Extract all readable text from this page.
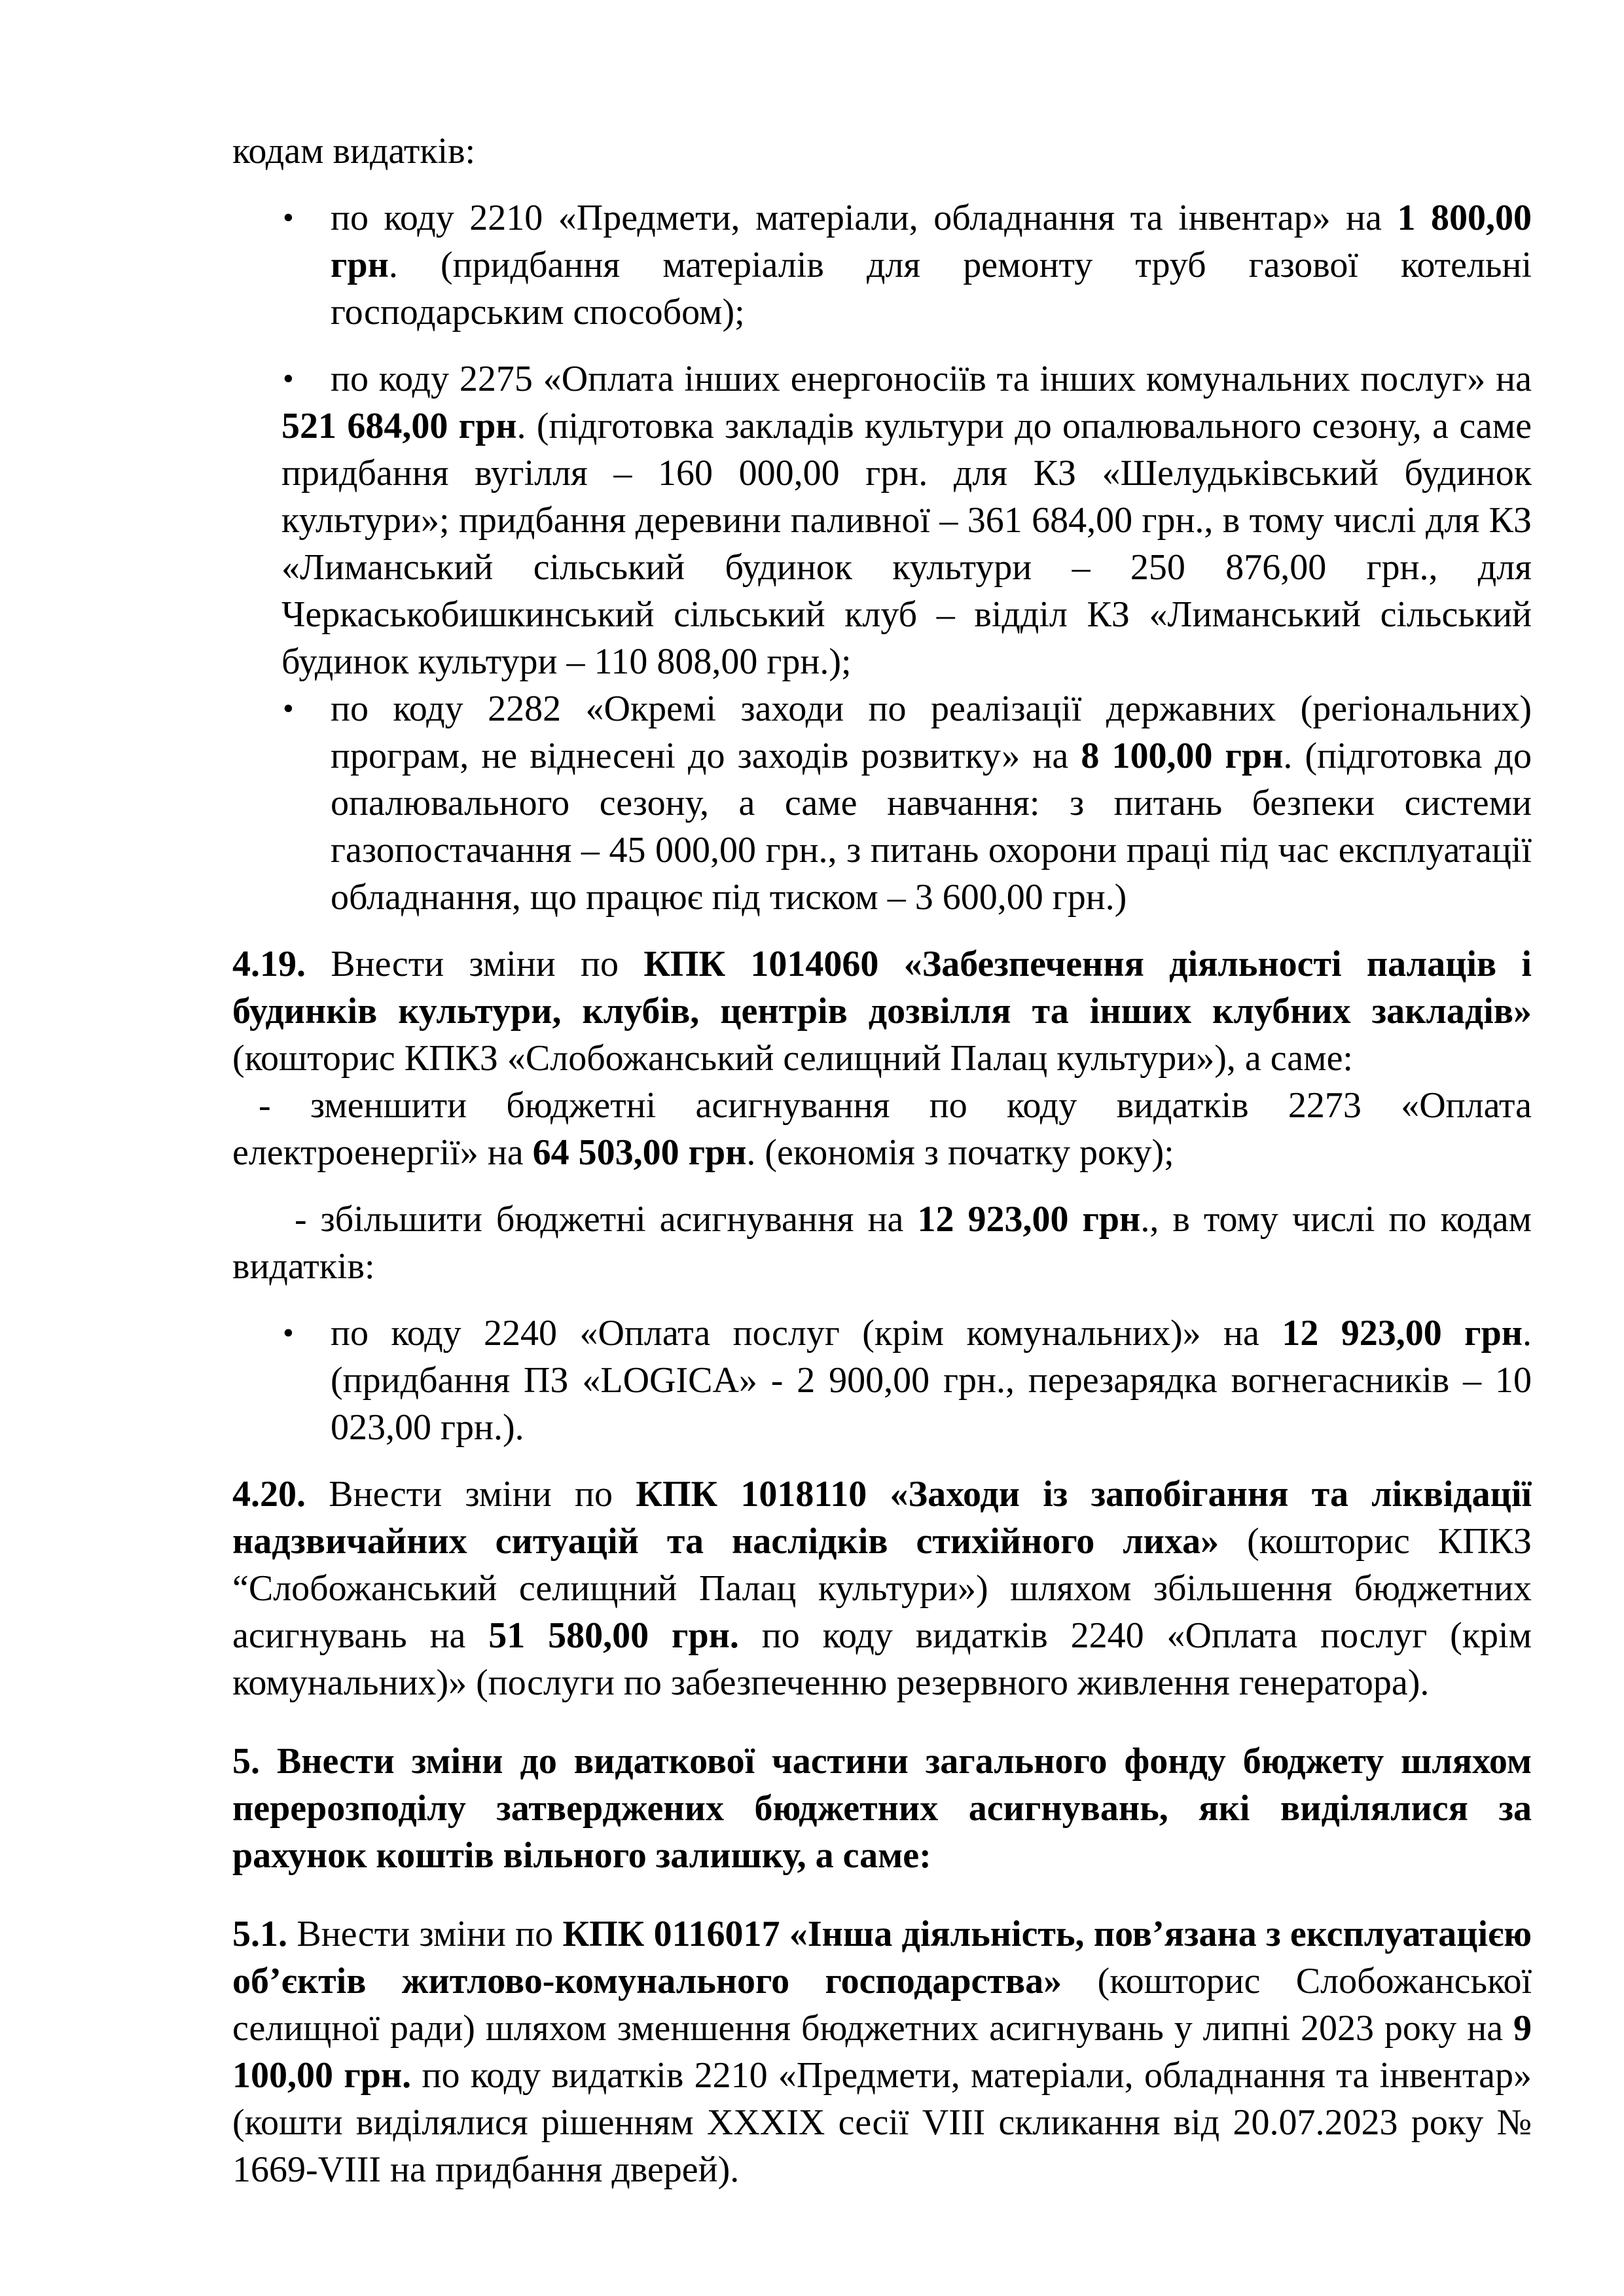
кодам видатків:

• по коду 2210 «Предмети, матеріали, обладнання та інвентар» на 1 800,00 грн. (придбання матеріалів для ремонту труб газової котельні господарським способом);

• по коду 2275 «Оплата інших енергоносіїв та інших комунальних послуг» на 521 684,00 грн. (підготовка закладів культури до опалювального сезону, а саме придбання вугілля – 160 000,00 грн. для КЗ «Шелудьківський будинок культури»; придбання деревини паливної – 361 684,00 грн., в тому числі для КЗ «Лиманський сільський будинок культури – 250 876,00 грн., для Черкаськобишкинський сільський клуб – відділ КЗ «Лиманський сільський будинок культури – 110 808,00 грн.);

• по коду 2282 «Окремі заходи по реалізації державних (регіональних) програм, не віднесені до заходів розвитку» на 8 100,00 грн. (підготовка до опалювального сезону, а саме навчання: з питань безпеки системи газопостачання – 45 000,00 грн., з питань охорони праці під час експлуатації обладнання, що працює під тиском – 3 600,00 грн.)

4.19. Внести зміни по КПК 1014060 «Забезпечення діяльності палаців і будинків культури, клубів, центрів дозвілля та інших клубних закладів» (кошторис КПКЗ «Слобожанський селищний Палац культури»), а саме:

- зменшити бюджетні асигнування по коду видатків 2273 «Оплата електроенергії» на 64 503,00 грн. (економія з початку року);

- збільшити бюджетні асигнування на 12 923,00 грн., в тому числі по кодам видатків:

• по коду 2240 «Оплата послуг (крім комунальних)» на 12 923,00 грн. (придбання ПЗ «LOGICA» - 2 900,00 грн., перезарядка вогнегасників – 10 023,00 грн.).

4.20. Внести зміни по КПК 1018110 «Заходи із запобігання та ліквідації надзвичайних ситуацій та наслідків стихійного лиха» (кошторис КПКЗ “Слобожанський селищний Палац культури») шляхом збільшення бюджетних асигнувань на 51 580,00 грн. по коду видатків 2240 «Оплата послуг (крім комунальних)» (послуги по забезпеченню резервного живлення генератора).

5. Внести зміни до видаткової частини загального фонду бюджету шляхом перерозподілу затверджених бюджетних асигнувань, які виділялися за рахунок коштів вільного залишку, а саме:

5.1. Внести зміни по КПК 0116017 «Інша діяльність, пов’язана з експлуатацією об’єктів житлово-комунального господарства» (кошторис Слобожанської селищної ради) шляхом зменшення бюджетних асигнувань у липні 2023 року на 9 100,00 грн. по коду видатків 2210 «Предмети, матеріали, обладнання та інвентар» (кошти виділялися рішенням XXXIX сесії VIII скликання від 20.07.2023 року № 1669-VIII на придбання дверей).
